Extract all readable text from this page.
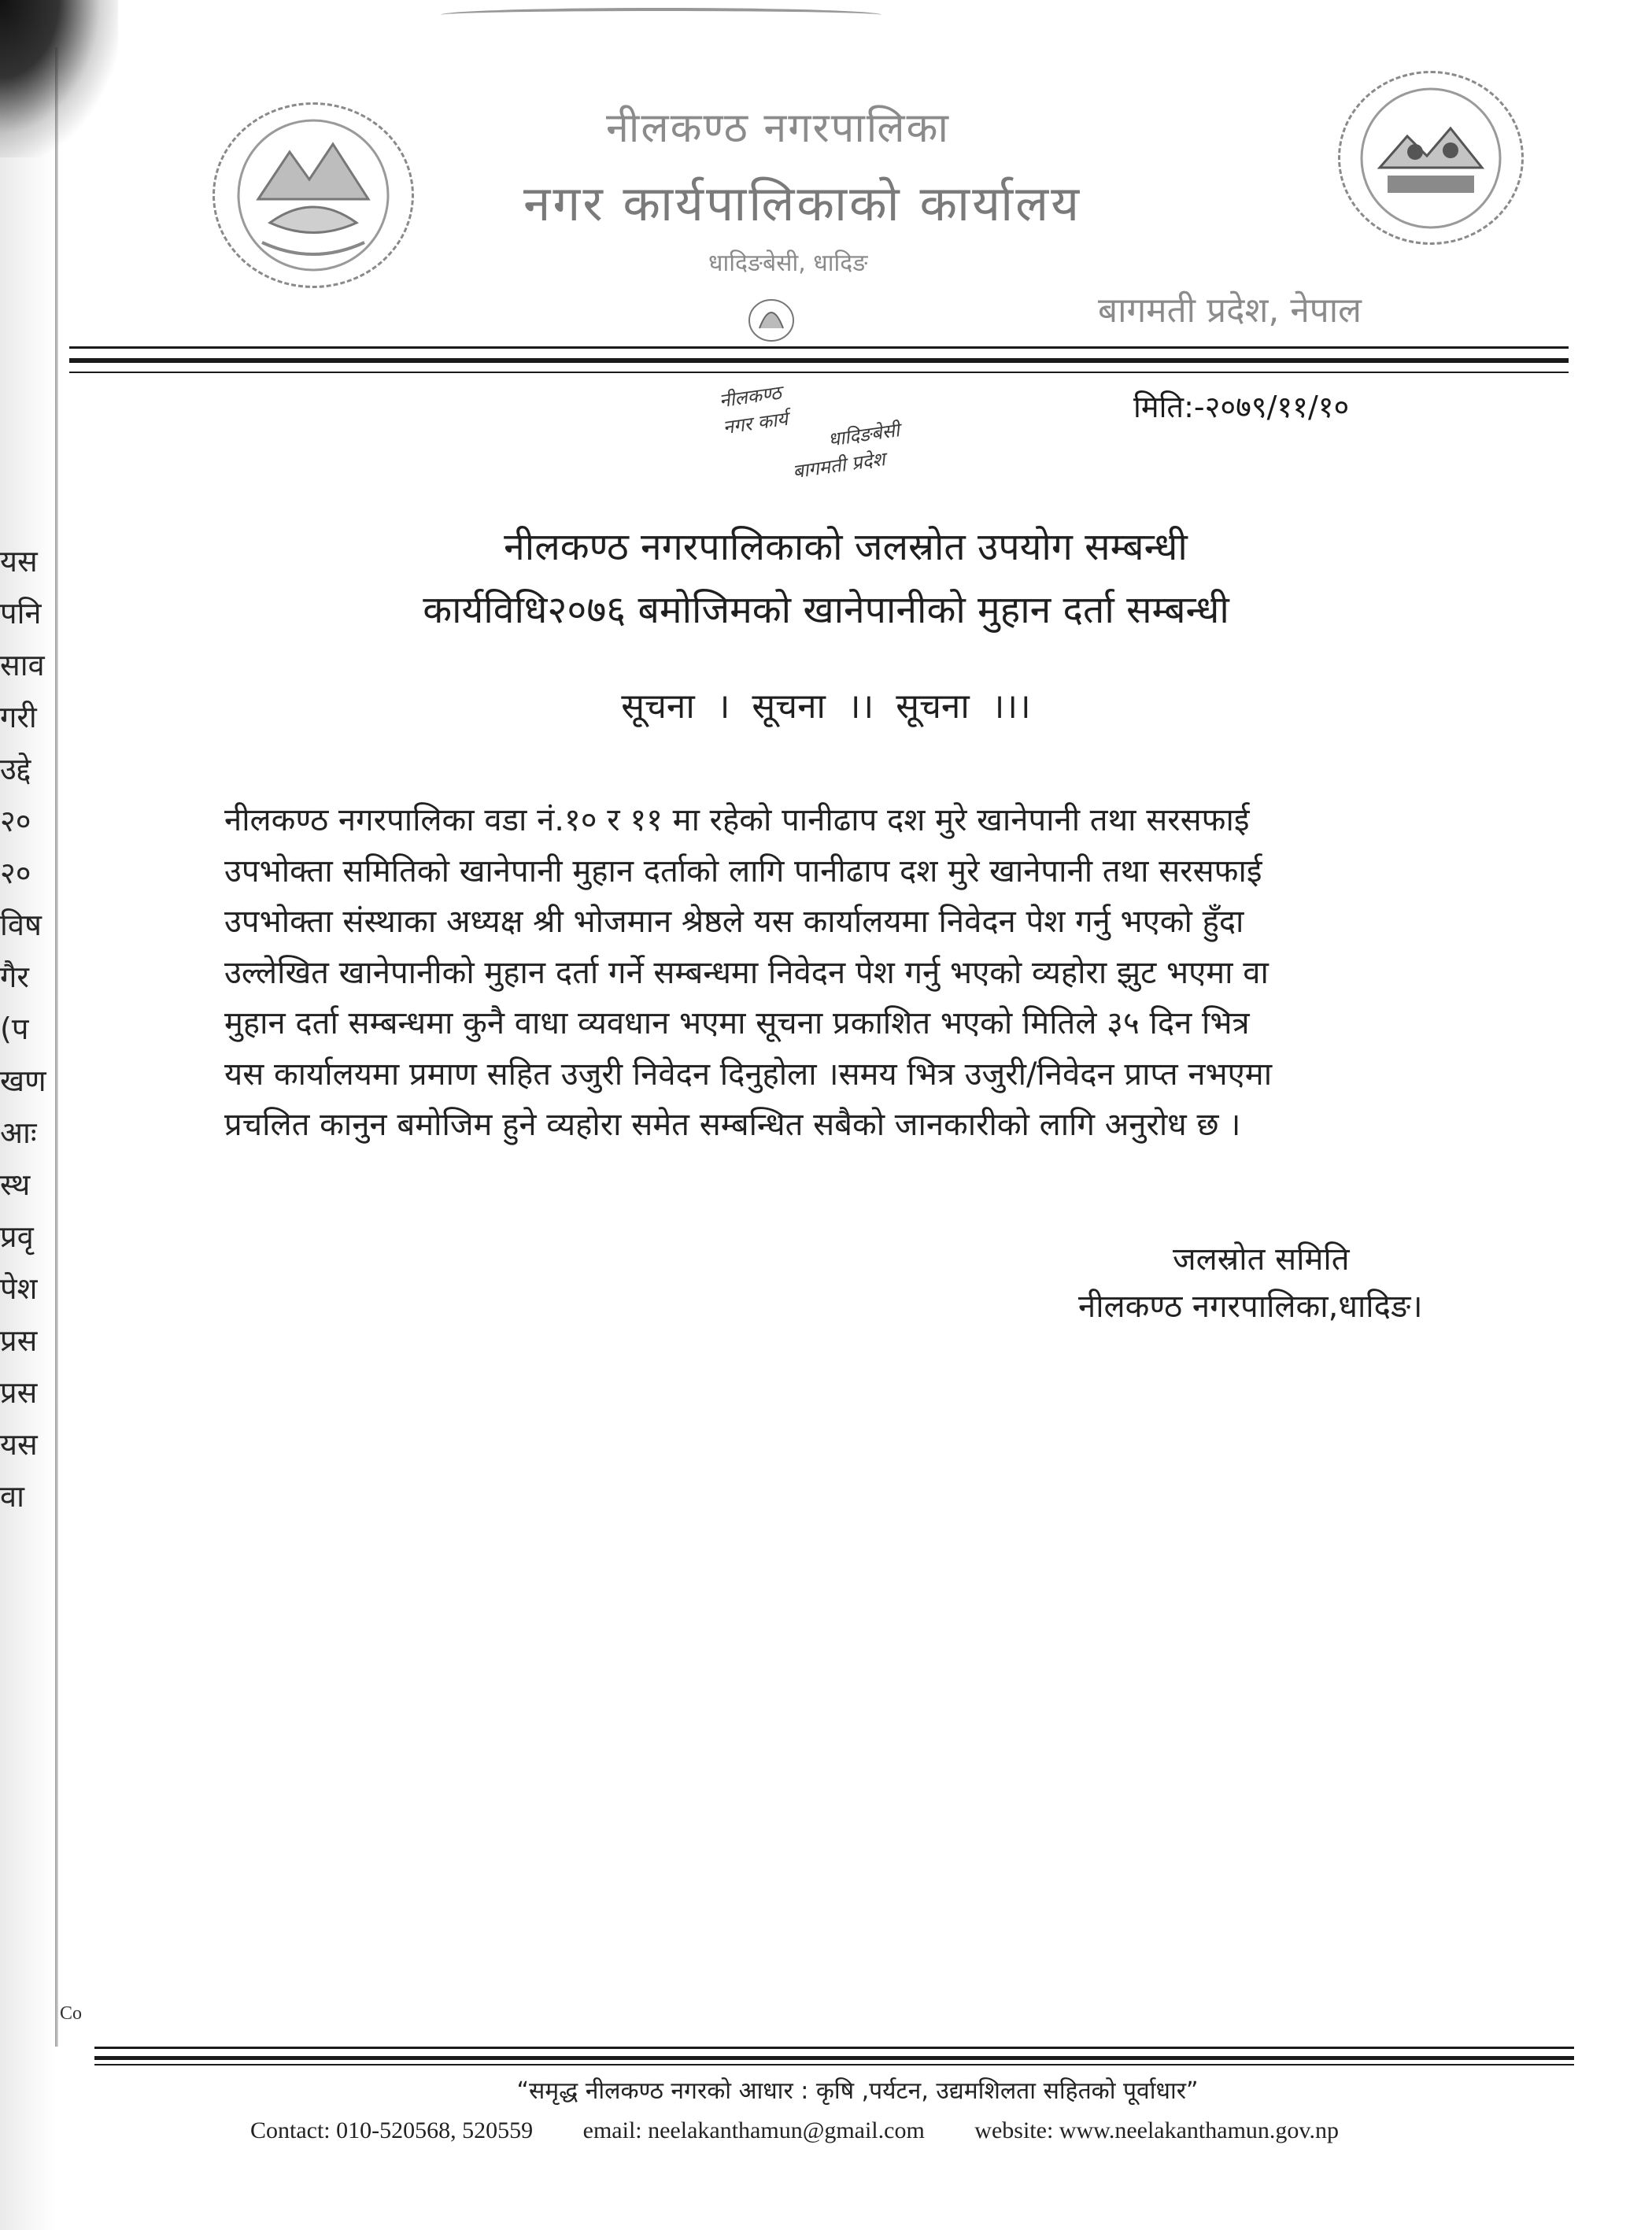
यस
पनि
साव
गरी
उद्दे
२०
२०
विष
गैर
(प
खण
आः
स्थ
प्रवृ
पेश
प्रस
प्रस
यस
वा
Co
नीलकण्ठ नगरपालिका
नगर कार्यपालिकाको कार्यालय
धादिङबेसी, धादिङ
बागमती प्रदेश, नेपाल
नीलकण्ठ
नगर कार्य धादिङबेसी
बागमती प्रदेश
मिति:-२०७९/११/१०
नीलकण्ठ नगरपालिकाको जलस्रोत उपयोग सम्बन्धी
कार्यविधि२०७६ बमोजिमको खानेपानीको मुहान दर्ता सम्बन्धी
सूचना । सूचना ।। सूचना ।।।
नीलकण्ठ नगरपालिका वडा नं.१० र ११ मा रहेको पानीढाप दश मुरे खानेपानी तथा सरसफाई
उपभोक्ता समितिको खानेपानी मुहान दर्ताको लागि पानीढाप दश मुरे खानेपानी तथा सरसफाई
उपभोक्ता संस्थाका अध्यक्ष श्री भोजमान श्रेष्ठले यस कार्यालयमा निवेदन पेश गर्नु भएको हुँदा
उल्लेखित खानेपानीको मुहान दर्ता गर्ने सम्बन्धमा निवेदन पेश गर्नु भएको व्यहोरा झुट भएमा वा
मुहान दर्ता सम्बन्धमा कुनै वाधा व्यवधान भएमा सूचना प्रकाशित भएको मितिले ३५ दिन भित्र
यस कार्यालयमा प्रमाण सहित उजुरी निवेदन दिनुहोला ।समय भित्र उजुरी/निवेदन प्राप्त नभएमा
प्रचलित कानुन बमोजिम हुने व्यहोरा समेत सम्बन्धित सबैको जानकारीको लागि अनुरोध छ ।
जलस्रोत समिति
नीलकण्ठ नगरपालिका,धादिङ।
“समृद्ध नीलकण्ठ नगरको आधार : कृषि ,पर्यटन, उद्यमशिलता सहितको पूर्वाधार”
Contact: 010-520568, 520559 email: neelakanthamun@gmail.com website: www.neelakanthamun.gov.np
